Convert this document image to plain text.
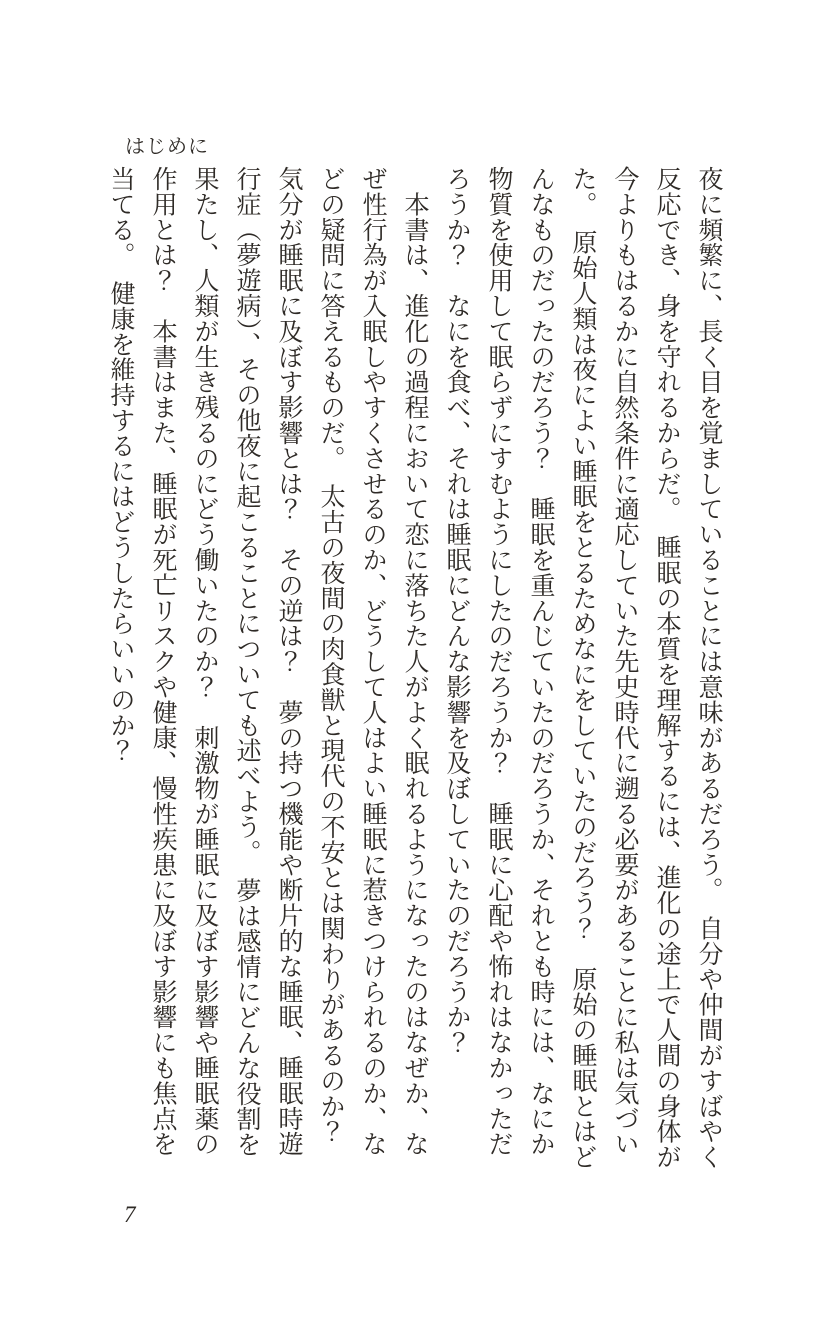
はじめに
夜に頻繁に、長く目を覚ましていることには意味があるだろう。　自分や仲間がすばやく
反応でき、身を守れるからだ。　睡眠の本質を理解するには、進化の途上で人間の身体が
今よりもはるかに自然条件に適応していた先史時代に遡る必要があることに私は気づい
た。　原始人類は夜によい睡眠をとるためなにをしていたのだろう？　原始の睡眠とはど
んなものだったのだろう？　睡眠を重んじていたのだろうか、それとも時には、なにか
物質を使用して眠らずにすむようにしたのだろうか？　睡眠に心配や怖れはなかっただ
ろうか？　なにを食べ、それは睡眠にどんな影響を及ぼしていたのだろうか？
　本書は、進化の過程において恋に落ちた人がよく眠れるようになったのはなぜか、な
ぜ性行為が入眠しやすくさせるのか、どうして人はよい睡眠に惹きつけられるのか、な
どの疑問に答えるものだ。　太古の夜間の肉食獣と現代の不安とは関わりがあるのか？
気分が睡眠に及ぼす影響とは？　その逆は？　夢の持つ機能や断片的な睡眠、睡眠時遊
行症（夢遊病）、その他夜に起こることについても述べよう。　夢は感情にどんな役割を
果たし、人類が生き残るのにどう働いたのか？　刺激物が睡眠に及ぼす影響や睡眠薬の
作用とは？　本書はまた、睡眠が死亡リスクや健康、慢性疾患に及ぼす影響にも焦点を
当てる。　健康を維持するにはどうしたらいいのか？
7
